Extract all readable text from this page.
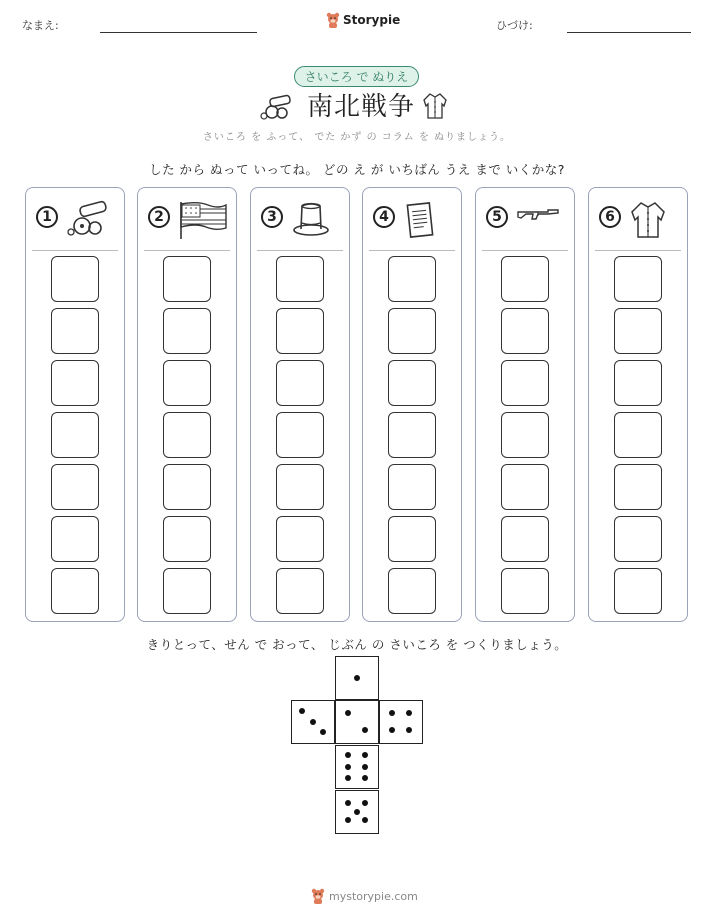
なまえ:	Storypie	ひづけ:
さいころ で ぬりえ
南北戦争
さいころ を ふって、 でた かず の コラム を ぬりましょう。
した から ぬって いってね。 どの え が いちばん うえ まで いくかな?
1	2	3	4	5	6
きりとって、せん で おって、 じぶん の さいころ を つくりましょう。
mystorypie.com
